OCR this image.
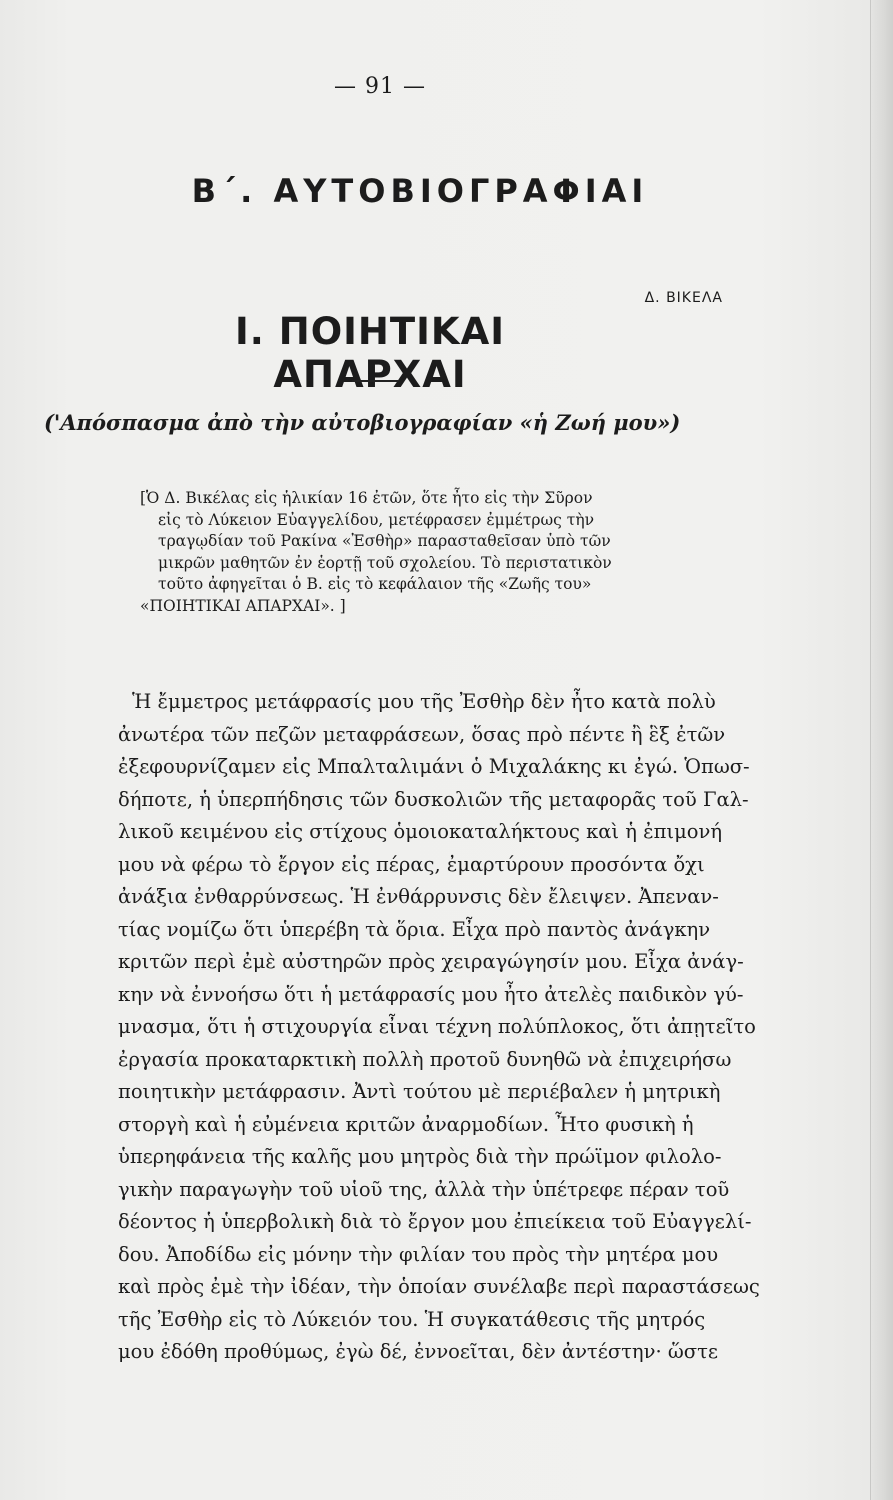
— 91 —
Β΄. ΑΥΤΟΒΙΟΓΡΑΦΙΑΙ
Δ. ΒΙΚΕΛΑ
Ι. ΠΟΙΗΤΙΚΑΙ ΑΠΑΡΧΑΙ
('Απόσπασμα ἀπὸ τὴν αὐτοβιογραφίαν «ἡ Ζωή μου»)
[Ὁ Δ. Βικέλας εἰς ἡλικίαν 16 ἐτῶν, ὅτε ἦτο εἰς τὴν Σῦρον
εἰς τὸ Λύκειον Εὐαγγελίδου, μετέφρασεν ἐμμέτρως τὴν
τραγῳδίαν τοῦ Ρακίνα «Ἐσθὴρ» παρασταθεῖσαν ὑπὸ τῶν
μικρῶν μαθητῶν ἐν ἑορτῇ τοῦ σχολείου. Τὸ περιστατικὸν
τοῦτο ἀφηγεῖται ὁ Β. εἰς τὸ κεφάλαιον τῆς «Ζωῆς του»
«ΠΟΙΗΤΙΚΑΙ ΑΠΑΡΧΑΙ». ]
Ἡ ἔμμετρος μετάφρασίς μου τῆς Ἐσθὴρ δὲν ἦτο κατὰ πολὺ
ἀνωτέρα τῶν πεζῶν μεταφράσεων, ὅσας πρὸ πέντε ἢ ἓξ ἐτῶν
ἐξεφουρνίζαμεν εἰς Μπαλταλιμάνι ὁ Μιχαλάκης κι ἐγώ. Ὁπωσ-
δήποτε, ἡ ὑπερπήδησις τῶν δυσκολιῶν τῆς μεταφορᾶς τοῦ Γαλ-
λικοῦ κειμένου εἰς στίχους ὁμοιοκαταλήκτους καὶ ἡ ἐπιμονή
μου νὰ φέρω τὸ ἔργον εἰς πέρας, ἐμαρτύρουν προσόντα ὄχι
ἀνάξια ἐνθαρρύνσεως. Ἡ ἐνθάρρυνσις δὲν ἔλειψεν. Ἀπεναν-
τίας νομίζω ὅτι ὑπερέβη τὰ ὅρια. Εἶχα πρὸ παντὸς ἀνάγκην
κριτῶν περὶ ἐμὲ αὐστηρῶν πρὸς χειραγώγησίν μου. Εἶχα ἀνάγ-
κην νὰ ἐννοήσω ὅτι ἡ μετάφρασίς μου ἦτο ἀτελὲς παιδικὸν γύ-
μνασμα, ὅτι ἡ στιχουργία εἶναι τέχνη πολύπλοκος, ὅτι ἀπῃτεῖτο
ἐργασία προκαταρκτικὴ πολλὴ προτοῦ δυνηθῶ νὰ ἐπιχειρήσω
ποιητικὴν μετάφρασιν. Ἀντὶ τούτου μὲ περιέβαλεν ἡ μητρικὴ
στοργὴ καὶ ἡ εὐμένεια κριτῶν ἀναρμοδίων. Ἦτο φυσικὴ ἡ
ὑπερηφάνεια τῆς καλῆς μου μητρὸς διὰ τὴν πρώϊμον φιλολο-
γικὴν παραγωγὴν τοῦ υἱοῦ της, ἀλλὰ τὴν ὑπέτρεφε πέραν τοῦ
δέοντος ἡ ὑπερβολικὴ διὰ τὸ ἔργον μου ἐπιείκεια τοῦ Εὐαγγελί-
δου. Ἀποδίδω εἰς μόνην τὴν φιλίαν του πρὸς τὴν μητέρα μου
καὶ πρὸς ἐμὲ τὴν ἰδέαν, τὴν ὁποίαν συνέλαβε περὶ παραστάσεως
τῆς Ἐσθὴρ εἰς τὸ Λύκειόν του. Ἡ συγκατάθεσις τῆς μητρός
μου ἐδόθη προθύμως, ἐγὼ δέ, ἐννοεῖται, δὲν ἀντέστην· ὥστε
